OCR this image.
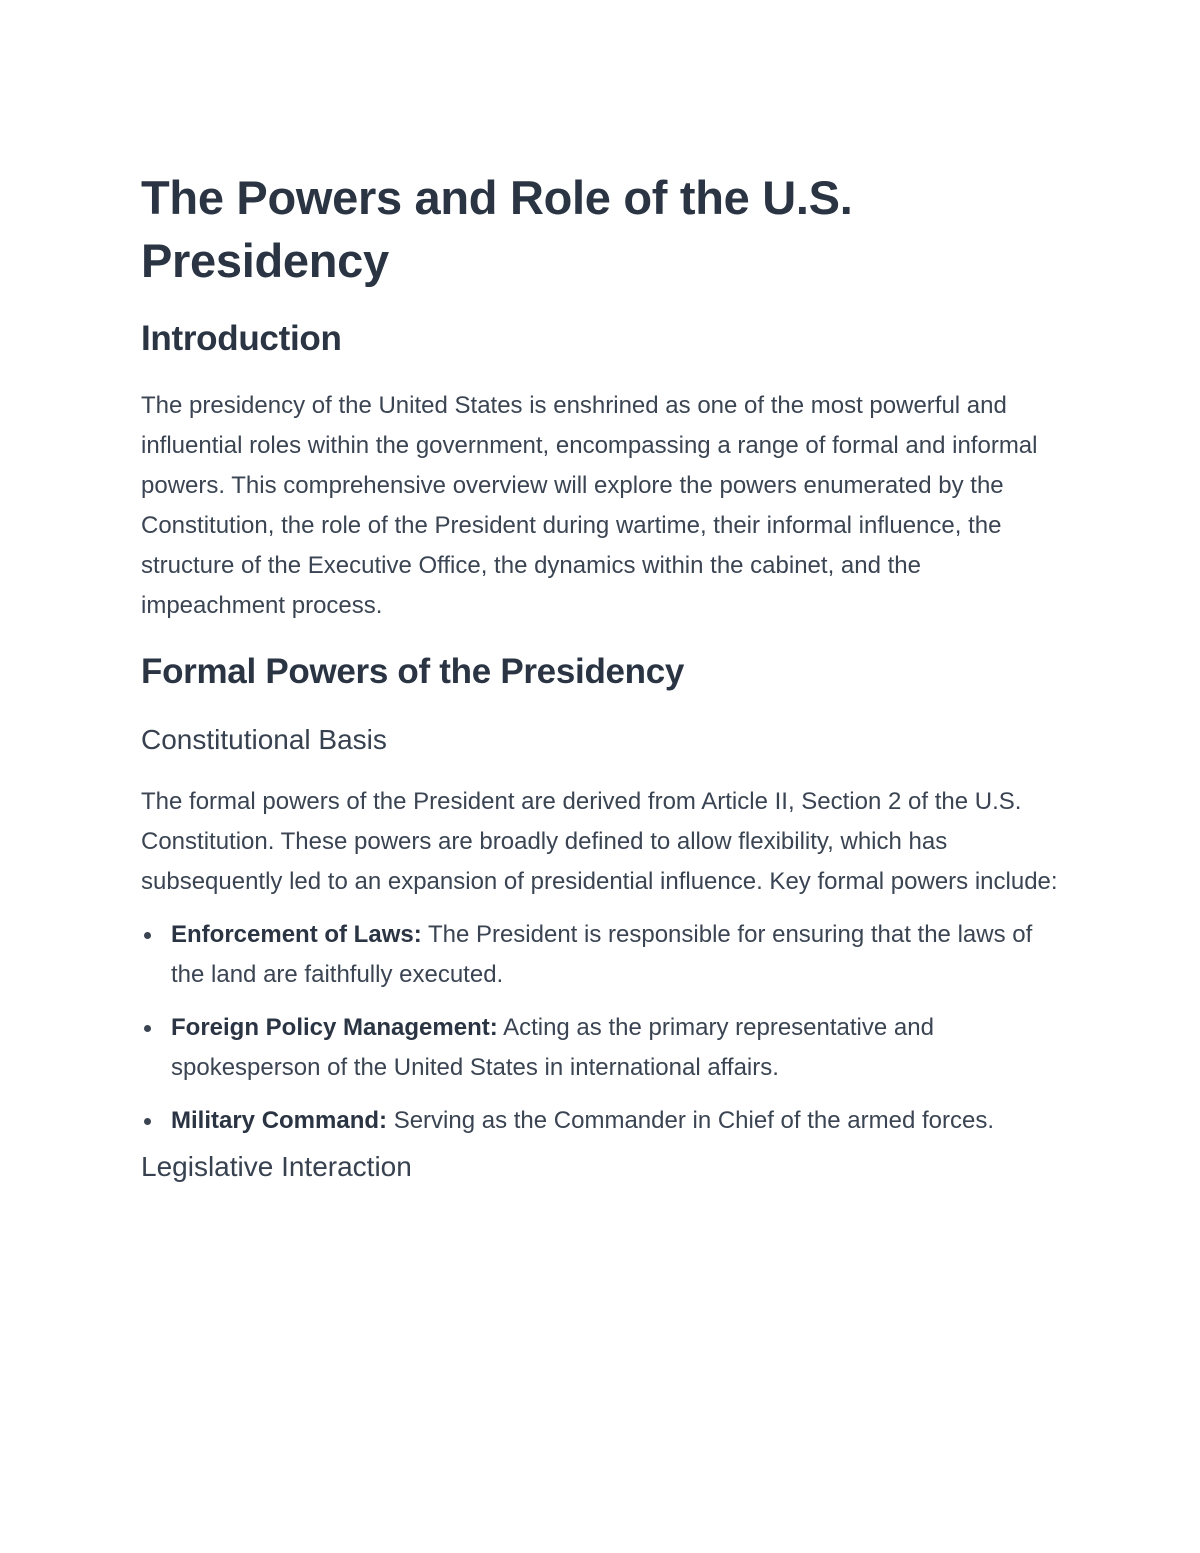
The Powers and Role of the U.S. Presidency
Introduction

The presidency of the United States is enshrined as one of the most powerful and influential roles within the government, encompassing a range of formal and informal powers. This comprehensive overview will explore the powers enumerated by the Constitution, the role of the President during wartime, their informal influence, the structure of the Executive Office, the dynamics within the cabinet, and the impeachment process.

Formal Powers of the Presidency
Constitutional Basis

The formal powers of the President are derived from Article II, Section 2 of the U.S. Constitution. These powers are broadly defined to allow flexibility, which has subsequently led to an expansion of presidential influence. Key formal powers include:

Enforcement of Laws: The President is responsible for ensuring that the laws of the land are faithfully executed.
Foreign Policy Management: Acting as the primary representative and spokesperson of the United States in international affairs.
Military Command: Serving as the Commander in Chief of the armed forces.
Legislative Interaction
